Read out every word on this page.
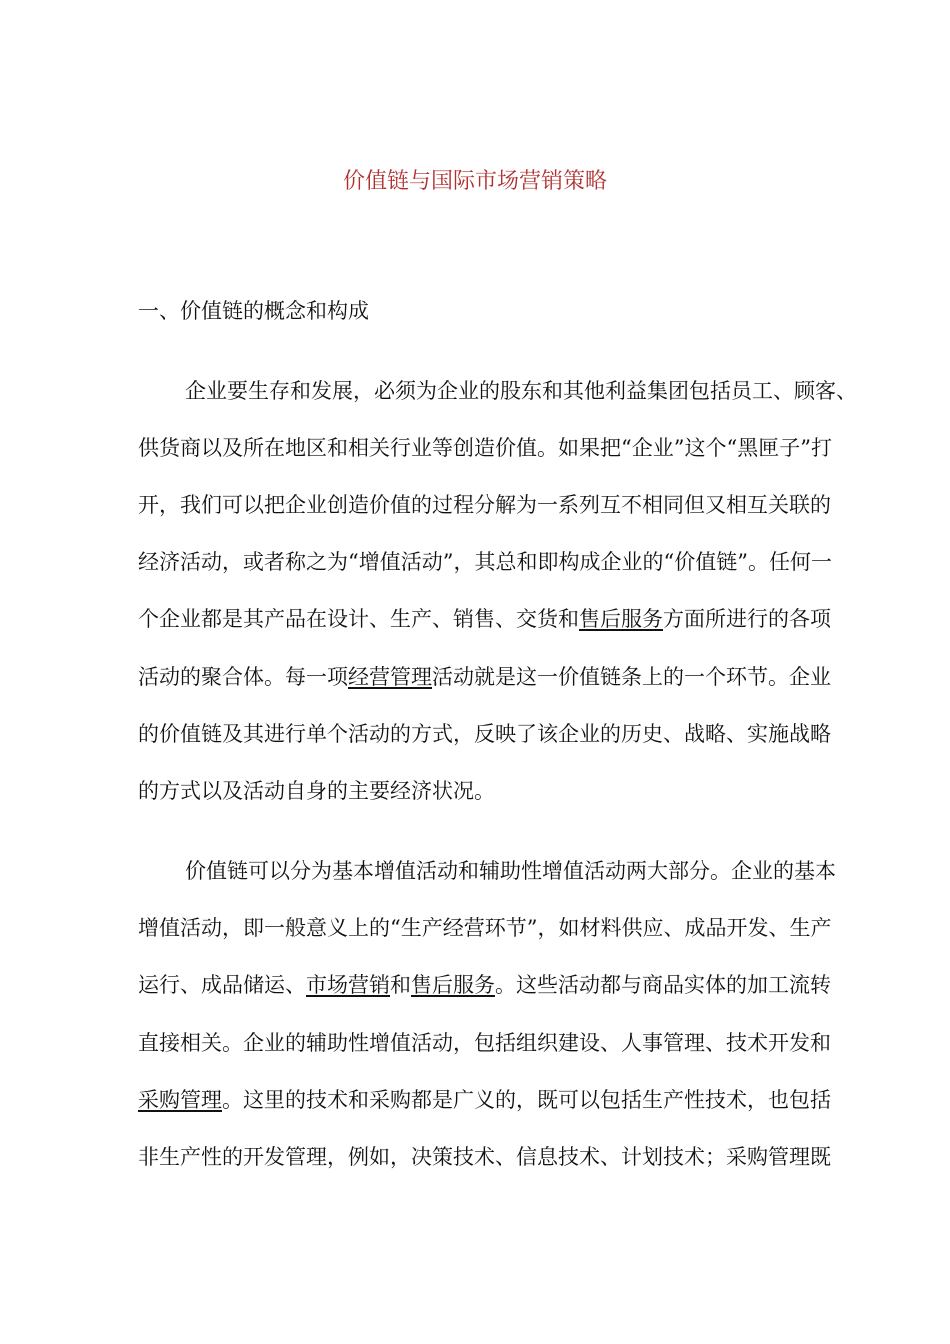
价值链与国际市场营销策略
一、价值链的概念和构成
企业要生存和发展，必须为企业的股东和其他利益集团包括员工、顾客、
供货商以及所在地区和相关行业等创造价值。如果把“企业”这个“黑匣子”打
开，我们可以把企业创造价值的过程分解为一系列互不相同但又相互关联的
经济活动，或者称之为“增值活动”，其总和即构成企业的“价值链”。任何一
个企业都是其产品在设计、生产、销售、交货和售后服务方面所进行的各项
活动的聚合体。每一项经营管理活动就是这一价值链条上的一个环节。企业
的价值链及其进行单个活动的方式，反映了该企业的历史、战略、实施战略
的方式以及活动自身的主要经济状况。
价值链可以分为基本增值活动和辅助性增值活动两大部分。企业的基本
增值活动，即一般意义上的“生产经营环节”，如材料供应、成品开发、生产
运行、成品储运、市场营销和售后服务。这些活动都与商品实体的加工流转
直接相关。企业的辅助性增值活动，包括组织建设、人事管理、技术开发和
采购管理。这里的技术和采购都是广义的，既可以包括生产性技术，也包括
非生产性的开发管理，例如，决策技术、信息技术、计划技术；采购管理既
